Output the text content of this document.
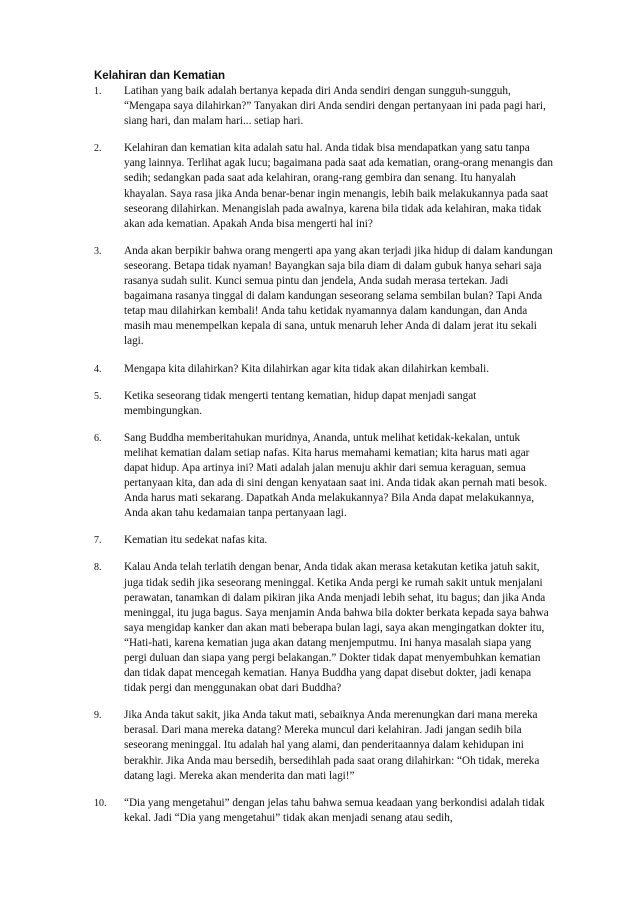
Kelahiran dan Kematian
1. Latihan yang baik adalah bertanya kepada diri Anda sendiri dengan sungguh-sungguh, “Mengapa saya dilahirkan?” Tanyakan diri Anda sendiri dengan pertanyaan ini pada pagi hari, siang hari, dan malam hari... setiap hari.
2. Kelahiran dan kematian kita adalah satu hal. Anda tidak bisa mendapatkan yang satu tanpa yang lainnya. Terlihat agak lucu; bagaimana pada saat ada kematian, orang-orang menangis dan sedih; sedangkan pada saat ada kelahiran, orang-rang gembira dan senang. Itu hanyalah khayalan. Saya rasa jika Anda benar-benar ingin menangis, lebih baik melakukannya pada saat seseorang dilahirkan. Menangislah pada awalnya, karena bila tidak ada kelahiran, maka tidak akan ada kematian. Apakah Anda bisa mengerti hal ini?
3. Anda akan berpikir bahwa orang mengerti apa yang akan terjadi jika hidup di dalam kandungan seseorang. Betapa tidak nyaman! Bayangkan saja bila diam di dalam gubuk hanya sehari saja rasanya sudah sulit. Kunci semua pintu dan jendela, Anda sudah merasa tertekan. Jadi bagaimana rasanya tinggal di dalam kandungan seseorang selama sembilan bulan? Tapi Anda tetap mau dilahirkan kembali! Anda tahu ketidak nyamannya dalam kandungan, dan Anda masih mau menempelkan kepala di sana, untuk menaruh leher Anda di dalam jerat itu sekali lagi.
4. Mengapa kita dilahirkan? Kita dilahirkan agar kita tidak akan dilahirkan kembali.
5. Ketika seseorang tidak mengerti tentang kematian, hidup dapat menjadi sangat membingungkan.
6. Sang Buddha memberitahukan muridnya, Ananda, untuk melihat ketidak-kekalan, untuk melihat kematian dalam setiap nafas. Kita harus memahami kematian; kita harus mati agar dapat hidup. Apa artinya ini? Mati adalah jalan menuju akhir dari semua keraguan, semua pertanyaan kita, dan ada di sini dengan kenyataan saat ini. Anda tidak akan pernah mati besok. Anda harus mati sekarang. Dapatkah Anda melakukannya? Bila Anda dapat melakukannya, Anda akan tahu kedamaian tanpa pertanyaan lagi.
7. Kematian itu sedekat nafas kita.
8. Kalau Anda telah terlatih dengan benar, Anda tidak akan merasa ketakutan ketika jatuh sakit, juga tidak sedih jika seseorang meninggal. Ketika Anda pergi ke rumah sakit untuk menjalani perawatan, tanamkan di dalam pikiran jika Anda menjadi lebih sehat, itu bagus; dan jika Anda meninggal, itu juga bagus. Saya menjamin Anda bahwa bila dokter berkata kepada saya bahwa saya mengidap kanker dan akan mati beberapa bulan lagi, saya akan mengingatkan dokter itu, “Hati-hati, karena kematian juga akan datang menjemputmu. Ini hanya masalah siapa yang pergi duluan dan siapa yang pergi belakangan.” Dokter tidak dapat menyembuhkan kematian dan tidak dapat mencegah kematian. Hanya Buddha yang dapat disebut dokter, jadi kenapa tidak pergi dan menggunakan obat dari Buddha?
9. Jika Anda takut sakit, jika Anda takut mati, sebaiknya Anda merenungkan dari mana mereka berasal. Dari mana mereka datang? Mereka muncul dari kelahiran. Jadi jangan sedih bila seseorang meninggal. Itu adalah hal yang alami, dan penderitaannya dalam kehidupan ini berakhir. Jika Anda mau bersedih, bersedihlah pada saat orang dilahirkan: “Oh tidak, mereka datang lagi. Mereka akan menderita dan mati lagi!”
10. “Dia yang mengetahui” dengan jelas tahu bahwa semua keadaan yang berkondisi adalah tidak kekal. Jadi “Dia yang mengetahui” tidak akan menjadi senang atau sedih,
